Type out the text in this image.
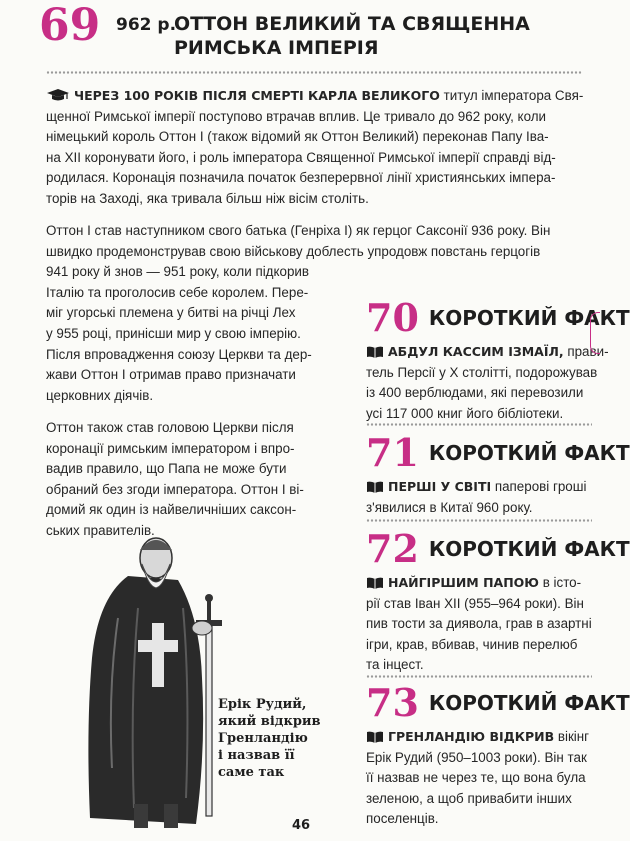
69 962 р.
ОТТОН ВЕЛИКИЙ ТА СВЯЩЕННА
РИМСЬКА ІМПЕРІЯ

ЧЕРЕЗ 100 РОКІВ ПІСЛЯ СМЕРТІ КАРЛА ВЕЛИКОГО титул імператора Свя-

щенної Римської імперії поступово втрачав вплив. Це тривало до 962 року, коли

німецький король Оттон І (також відомий як Оттон Великий) переконав Папу Іва-

на XII коронувати його, і роль імператора Священної Римської імперії справді від-

родилася. Коронація позначила початок безперервної лінії християнських імпера-

торів на Заході, яка тривала більш ніж вісім століть.

Оттон І став наступником свого батька (Генріха І) як герцог Саксонії 936 року. Він

швидко продемонстрував свою військову доблесть упродовж повстань герцогів

941 року й знов — 951 року, коли підкорив

Італію та проголосив себе королем. Пере-

міг угорські племена у битві на річці Лех

у 955 році, принісши мир у свою імперію.

Після впровадження союзу Церкви та дер-

жави Оттон І отримав право призначати

церковних діячів.

Оттон також став головою Церкви після

коронації римським імператором і впро-

вадив правило, що Папа не може бути

обраний без згоди імператора. Оттон І ві-

домий як один із найвеличніших саксон-

ських правителів.

Ерік Рудий,
який відкрив
Гренландію
і назвав її
саме так
70 КОРОТКИЙ ФАКТ

АБДУЛ КАССИМ ІЗМАЇЛ, прави-

тель Персії у X столітті, подорожував

із 400 верблюдами, які перевозили

усі 117 000 книг його бібліотеки.

71 КОРОТКИЙ ФАКТ

ПЕРШІ У СВІТІ паперові гроші

з'явилися в Китаї 960 року.

72 КОРОТКИЙ ФАКТ

НАЙГІРШИМ ПАПОЮ в істо-

рії став Іван XII (955–964 роки). Він

пив тости за диявола, грав в азартні

ігри, крав, вбивав, чинив перелюб

та інцест.

73 КОРОТКИЙ ФАКТ

ГРЕНЛАНДІЮ ВІДКРИВ вікінг

Ерік Рудий (950–1003 роки). Він так

її назвав не через те, що вона була

зеленою, а щоб привабити інших

поселенців.

46
